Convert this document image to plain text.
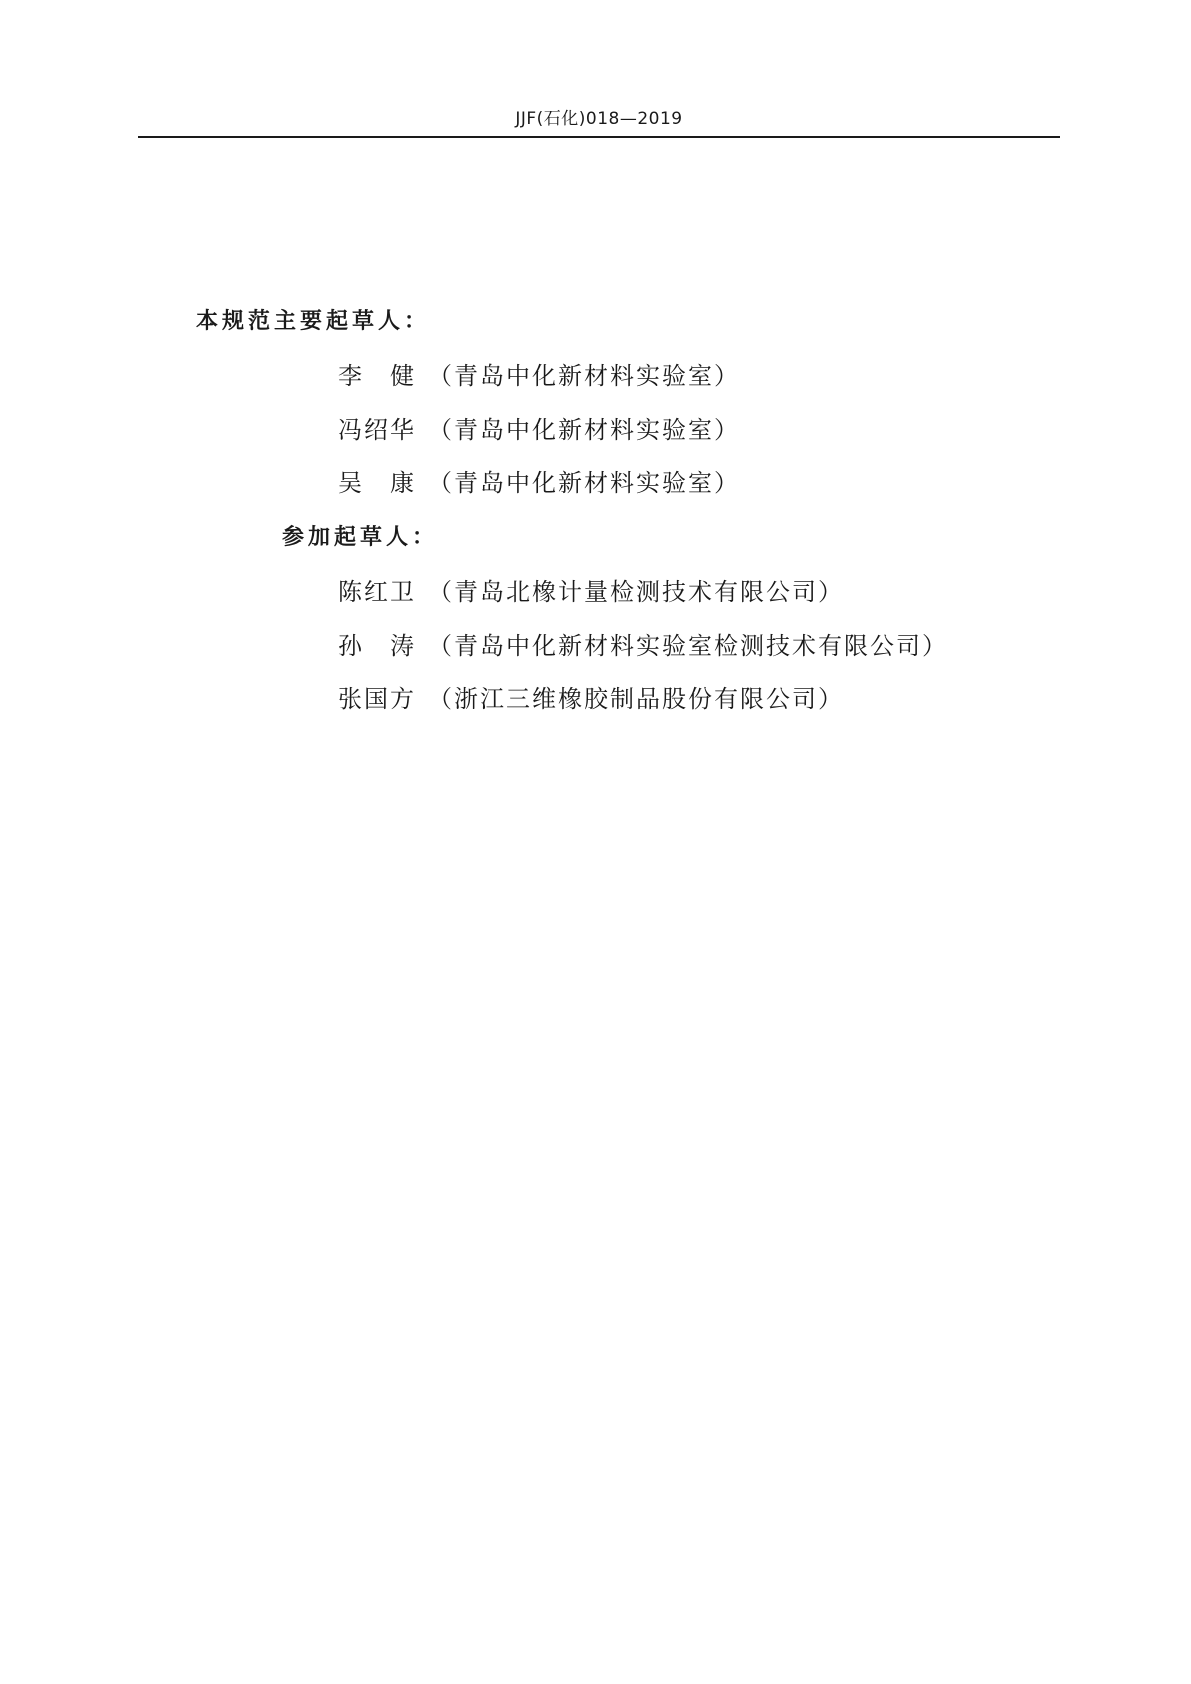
JJF(石化)018—2019
本规范主要起草人：
李　健 （青岛中化新材料实验室）
冯绍华 （青岛中化新材料实验室）
吴　康 （青岛中化新材料实验室）
参加起草人：
陈红卫 （青岛北橡计量检测技术有限公司）
孙　涛 （青岛中化新材料实验室检测技术有限公司）
张国方 （浙江三维橡胶制品股份有限公司）
